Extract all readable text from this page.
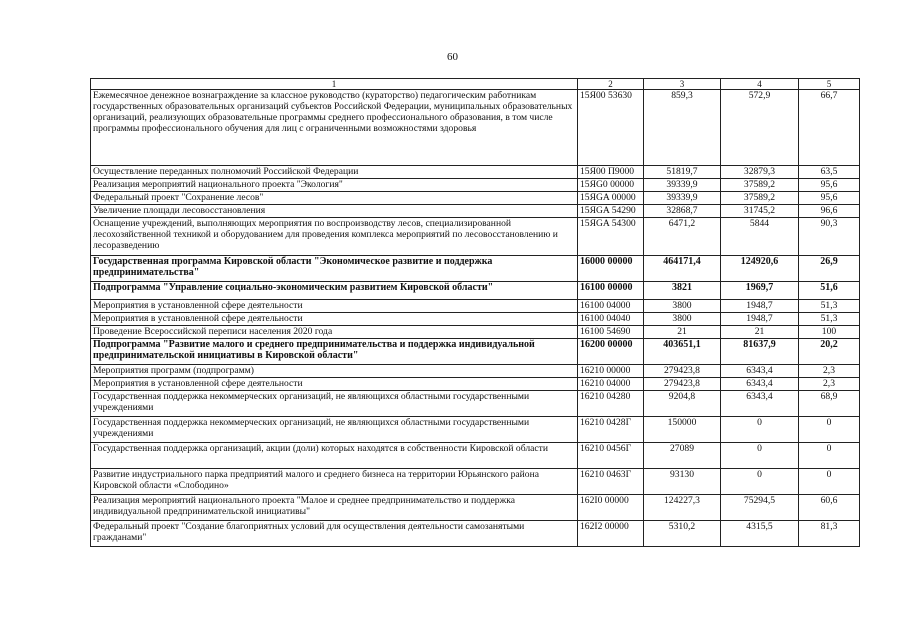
60
1	2	3	4	5
Ежемесячное денежное вознаграждение за классное руководство (кураторство) педагогическим работникам государственных образовательных организаций субъектов Российской Федерации, муниципальных образовательных организаций, реализующих образовательные программы среднего профессионального образования, в том числе программы профессионального обучения для лиц с ограниченными возможностями здоровья	15Я00 53630	859,3	572,9	66,7
Осуществление переданных полномочий Российской Федерации	15Я00 П9000	51819,7	32879,3	63,5
Реализация мероприятий национального проекта "Экология"	15ЯG0 00000	39339,9	37589,2	95,6
Федеральный проект "Сохранение лесов"	15ЯGA 00000	39339,9	37589,2	95,6
Увеличение площади лесовосстановления	15ЯGA 54290	32868,7	31745,2	96,6
Оснащение учреждений, выполняющих мероприятия по воспроизводству лесов, специализированной лесохозяйственной техникой и оборудованием для проведения комплекса мероприятий по лесовосстановлению и лесоразведению	15ЯGA 54300	6471,2	5844	90,3
Государственная программа Кировской области "Экономическое развитие и поддержка предпринимательства"	16000 00000	464171,4	124920,6	26,9
Подпрограмма "Управление социально-экономическим развитием Кировской области"	16100 00000	3821	1969,7	51,6
Мероприятия в установленной сфере деятельности	16100 04000	3800	1948,7	51,3
Мероприятия в установленной сфере деятельности	16100 04040	3800	1948,7	51,3
Проведение Всероссийской переписи населения 2020 года	16100 54690	21	21	100
Подпрограмма "Развитие малого и среднего предпринимательства и поддержка индивидуальной предпринимательской инициативы в Кировской области"	16200 00000	403651,1	81637,9	20,2
Мероприятия программ (подпрограмм)	16210 00000	279423,8	6343,4	2,3
Мероприятия в установленной сфере деятельности	16210 04000	279423,8	6343,4	2,3
Государственная поддержка некоммерческих организаций, не являющихся областными государственными учреждениями	16210 04280	9204,8	6343,4	68,9
Государственная поддержка некоммерческих организаций, не являющихся областными государственными учреждениями	16210 0428Г	150000	0	0
Государственная поддержка организаций, акции (доли) которых находятся в собственности Кировской области	16210 0456Г	27089	0	0
Развитие индустриального парка предприятий малого и среднего бизнеса на территории Юрьянского района Кировской области «Слободино»	16210 0463Г	93130	0	0
Реализация мероприятий национального проекта "Малое и среднее предпринимательство и поддержка индивидуальной предпринимательской инициативы"	162I0 00000	124227,3	75294,5	60,6
Федеральный проект "Создание благоприятных условий для осуществления деятельности самозанятыми гражданами"	162I2 00000	5310,2	4315,5	81,3
